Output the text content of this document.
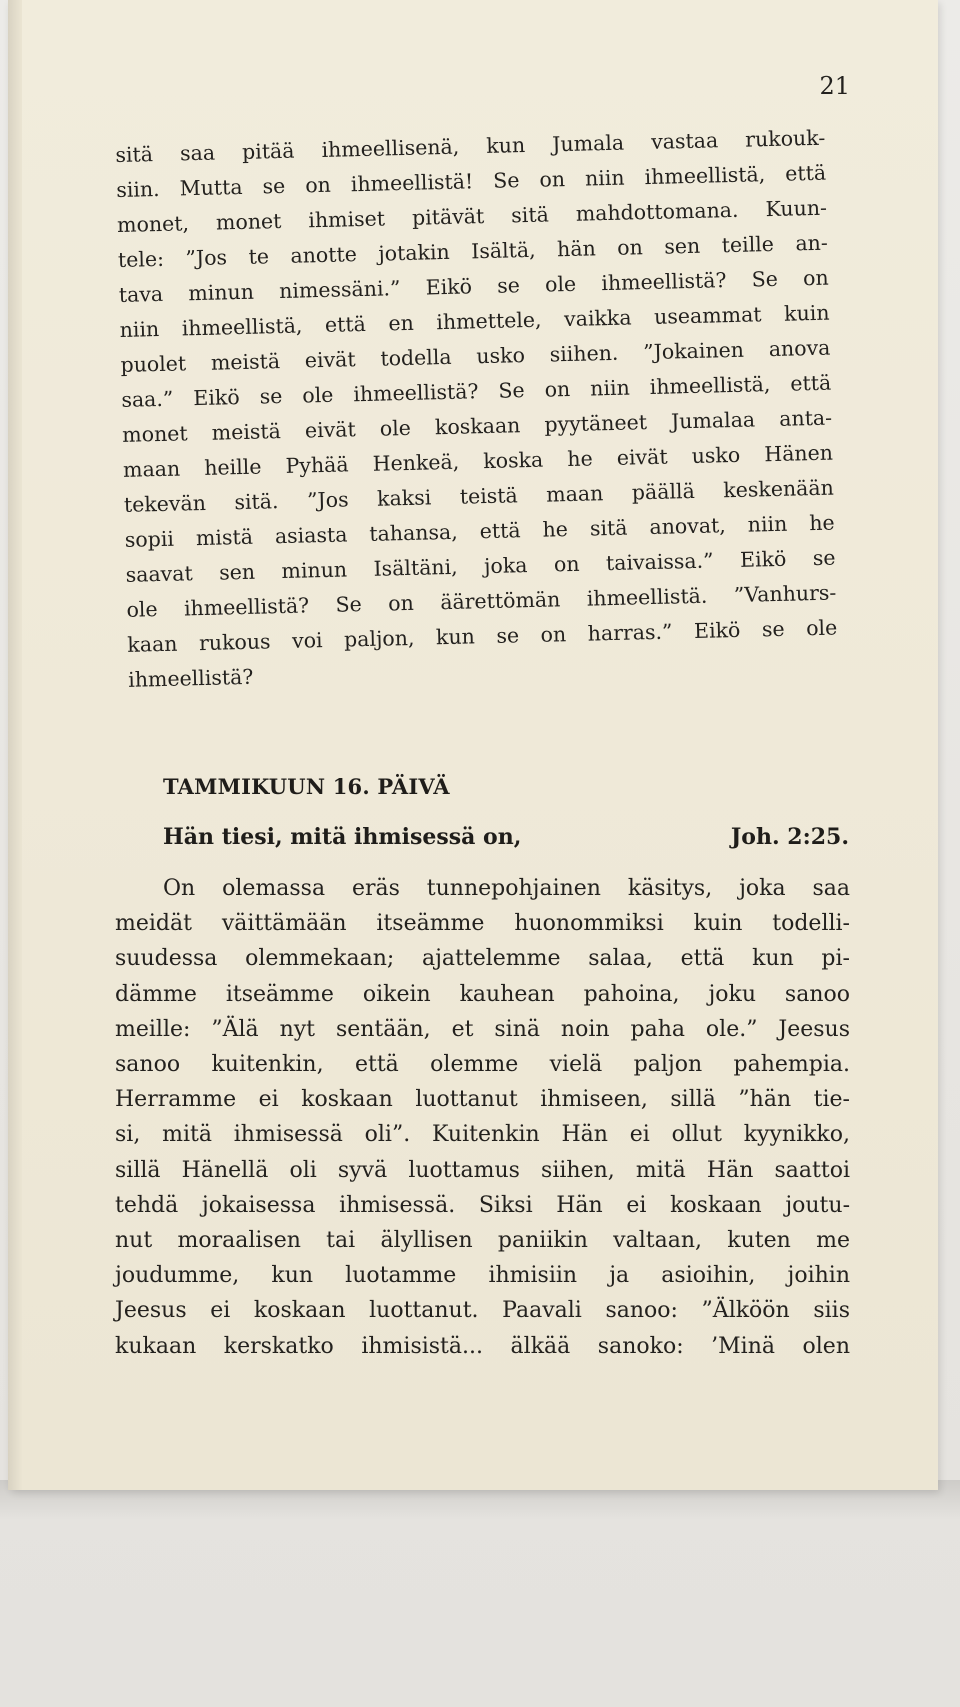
21
sitä saa pitää ihmeellisenä, kun Jumala vastaa rukouk-
siin. Mutta se on ihmeellistä! Se on niin ihmeellistä, että
monet, monet ihmiset pitävät sitä mahdottomana. Kuun-
tele: ”Jos te anotte jotakin Isältä, hän on sen teille an-
tava minun nimessäni.” Eikö se ole ihmeellistä? Se on
niin ihmeellistä, että en ihmettele, vaikka useammat kuin
puolet meistä eivät todella usko siihen. ”Jokainen anova
saa.” Eikö se ole ihmeellistä? Se on niin ihmeellistä, että
monet meistä eivät ole koskaan pyytäneet Jumalaa anta-
maan heille Pyhää Henkeä, koska he eivät usko Hänen
tekevän sitä. ”Jos kaksi teistä maan päällä keskenään
sopii mistä asiasta tahansa, että he sitä anovat, niin he
saavat sen minun Isältäni, joka on taivaissa.” Eikö se
ole ihmeellistä? Se on äärettömän ihmeellistä. ”Vanhurs-
kaan rukous voi paljon, kun se on harras.” Eikö se ole
ihmeellistä?
TAMMIKUUN 16. PÄIVÄ
Hän tiesi, mitä ihmisessä on,	Joh. 2:25.
On olemassa eräs tunnepohjainen käsitys, joka saa
meidät väittämään itseämme huonommiksi kuin todelli-
suudessa olemmekaan; ajattelemme salaa, että kun pi-
dämme itseämme oikein kauhean pahoina, joku sanoo
meille: ”Älä nyt sentään, et sinä noin paha ole.” Jeesus
sanoo kuitenkin, että olemme vielä paljon pahempia.
Herramme ei koskaan luottanut ihmiseen, sillä ”hän tie-
si, mitä ihmisessä oli”. Kuitenkin Hän ei ollut kyynikko,
sillä Hänellä oli syvä luottamus siihen, mitä Hän saattoi
tehdä jokaisessa ihmisessä. Siksi Hän ei koskaan joutu-
nut moraalisen tai älyllisen paniikin valtaan, kuten me
joudumme, kun luotamme ihmisiin ja asioihin, joihin
Jeesus ei koskaan luottanut. Paavali sanoo: ”Älköön siis
kukaan kerskatko ihmisistä... älkää sanoko: ’Minä olen
